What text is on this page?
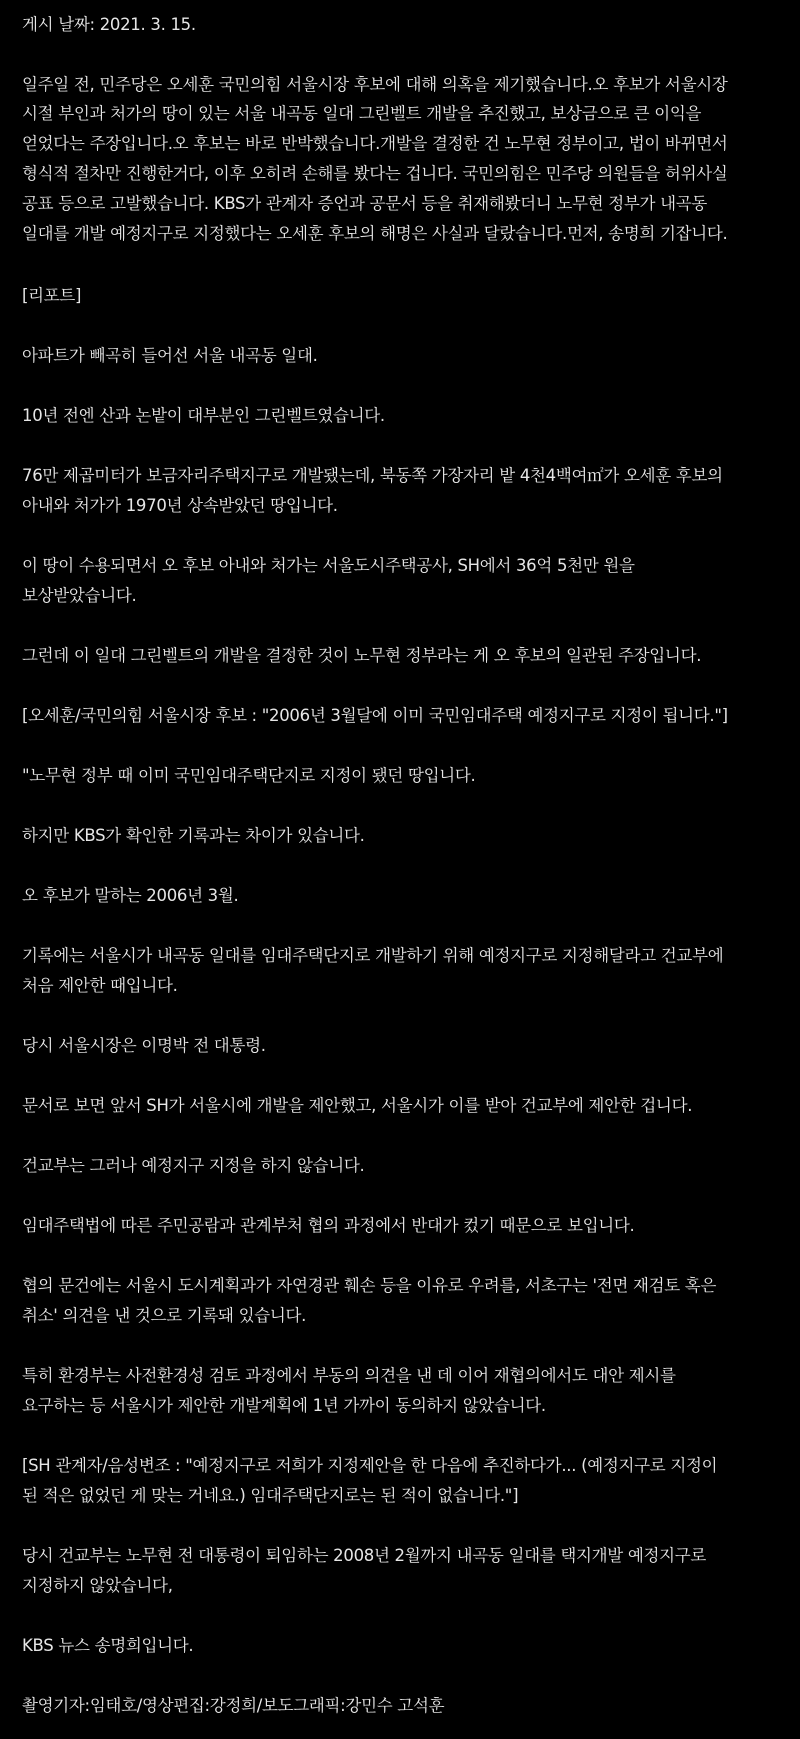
게시 날짜: 2021. 3. 15.
일주일 전, 민주당은 오세훈 국민의힘 서울시장 후보에 대해 의혹을 제기했습니다.오 후보가 서울시장
시절 부인과 처가의 땅이 있는 서울 내곡동 일대 그린벨트 개발을 추진했고, 보상금으로 큰 이익을
얻었다는 주장입니다.오 후보는 바로 반박했습니다.개발을 결정한 건 노무현 정부이고, 법이 바뀌면서
형식적 절차만 진행한거다, 이후 오히려 손해를 봤다는 겁니다. 국민의힘은 민주당 의원들을 허위사실
공표 등으로 고발했습니다. KBS가 관계자 증언과 공문서 등을 취재해봤더니 노무현 정부가 내곡동
일대를 개발 예정지구로 지정했다는 오세훈 후보의 해명은 사실과 달랐습니다.먼저, 송명희 기잡니다.
[리포트]
아파트가 빼곡히 들어선 서울 내곡동 일대.
10년 전엔 산과 논밭이 대부분인 그린벨트였습니다.
76만 제곱미터가 보금자리주택지구로 개발됐는데, 북동쪽 가장자리 밭 4천4백여㎡가 오세훈 후보의
아내와 처가가 1970년 상속받았던 땅입니다.
이 땅이 수용되면서 오 후보 아내와 처가는 서울도시주택공사, SH에서 36억 5천만 원을
보상받았습니다.
그런데 이 일대 그린벨트의 개발을 결정한 것이 노무현 정부라는 게 오 후보의 일관된 주장입니다.
[오세훈/국민의힘 서울시장 후보 : "2006년 3월달에 이미 국민임대주택 예정지구로 지정이 됩니다."]
"노무현 정부 때 이미 국민임대주택단지로 지정이 됐던 땅입니다.
하지만 KBS가 확인한 기록과는 차이가 있습니다.
오 후보가 말하는 2006년 3월.
기록에는 서울시가 내곡동 일대를 임대주택단지로 개발하기 위해 예정지구로 지정해달라고 건교부에
처음 제안한 때입니다.
당시 서울시장은 이명박 전 대통령.
문서로 보면 앞서 SH가 서울시에 개발을 제안했고, 서울시가 이를 받아 건교부에 제안한 겁니다.
건교부는 그러나 예정지구 지정을 하지 않습니다.
임대주택법에 따른 주민공람과 관계부처 협의 과정에서 반대가 컸기 때문으로 보입니다.
협의 문건에는 서울시 도시계획과가 자연경관 훼손 등을 이유로 우려를, 서초구는 '전면 재검토 혹은
취소' 의견을 낸 것으로 기록돼 있습니다.
특히 환경부는 사전환경성 검토 과정에서 부동의 의견을 낸 데 이어 재협의에서도 대안 제시를
요구하는 등 서울시가 제안한 개발계획에 1년 가까이 동의하지 않았습니다.
[SH 관계자/음성변조 : "예정지구로 저희가 지정제안을 한 다음에 추진하다가... (예정지구로 지정이
된 적은 없었던 게 맞는 거네요.) 임대주택단지로는 된 적이 없습니다."]
당시 건교부는 노무현 전 대통령이 퇴임하는 2008년 2월까지 내곡동 일대를 택지개발 예정지구로
지정하지 않았습니다,
KBS 뉴스 송명희입니다.
촬영기자:임태호/영상편집:강정희/보도그래픽:강민수 고석훈
